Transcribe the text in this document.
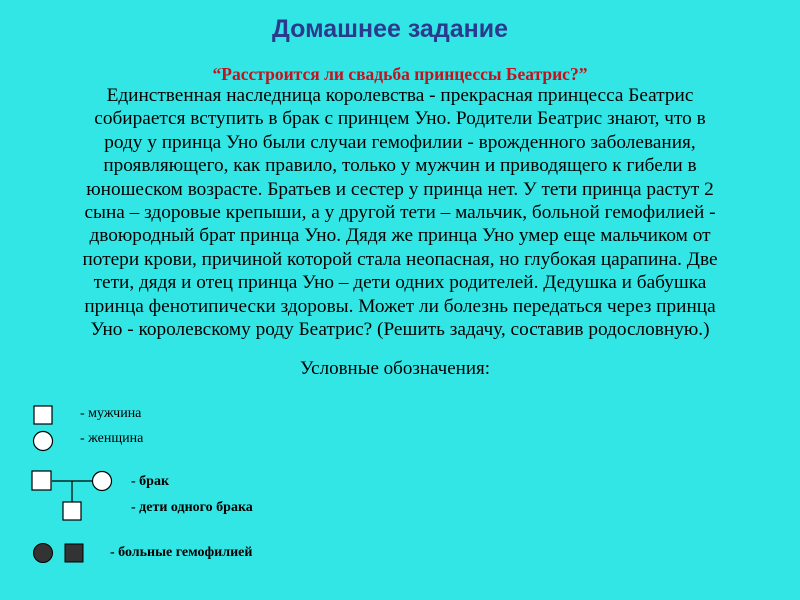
Домашнее задание
“Расстроится ли свадьба принцессы Беатрис?”
Единственная наследница королевства - прекрасная принцесса Беатрис
собирается вступить в брак с принцем Уно. Родители Беатрис знают, что в
роду у принца Уно были случаи гемофилии - врожденного заболевания,
проявляющего, как правило, только у мужчин и приводящего к гибели в
юношеском возрасте. Братьев и сестер у принца нет. У тети принца растут 2
сына – здоровые крепыши, а у другой тети – мальчик, больной гемофилией -
двоюродный брат принца Уно. Дядя же принца Уно умер еще мальчиком от
потери крови, причиной которой стала неопасная, но глубокая царапина. Две
тети, дядя и отец принца Уно – дети одних родителей. Дедушка и бабушка
принца фенотипически здоровы. Может ли болезнь передаться через принца
Уно - королевскому роду Беатрис? (Решить задачу, составив родословную.)
Условные обозначения:
- мужчина
- женщина
- брак
- дети одного брака
- больные гемофилией
